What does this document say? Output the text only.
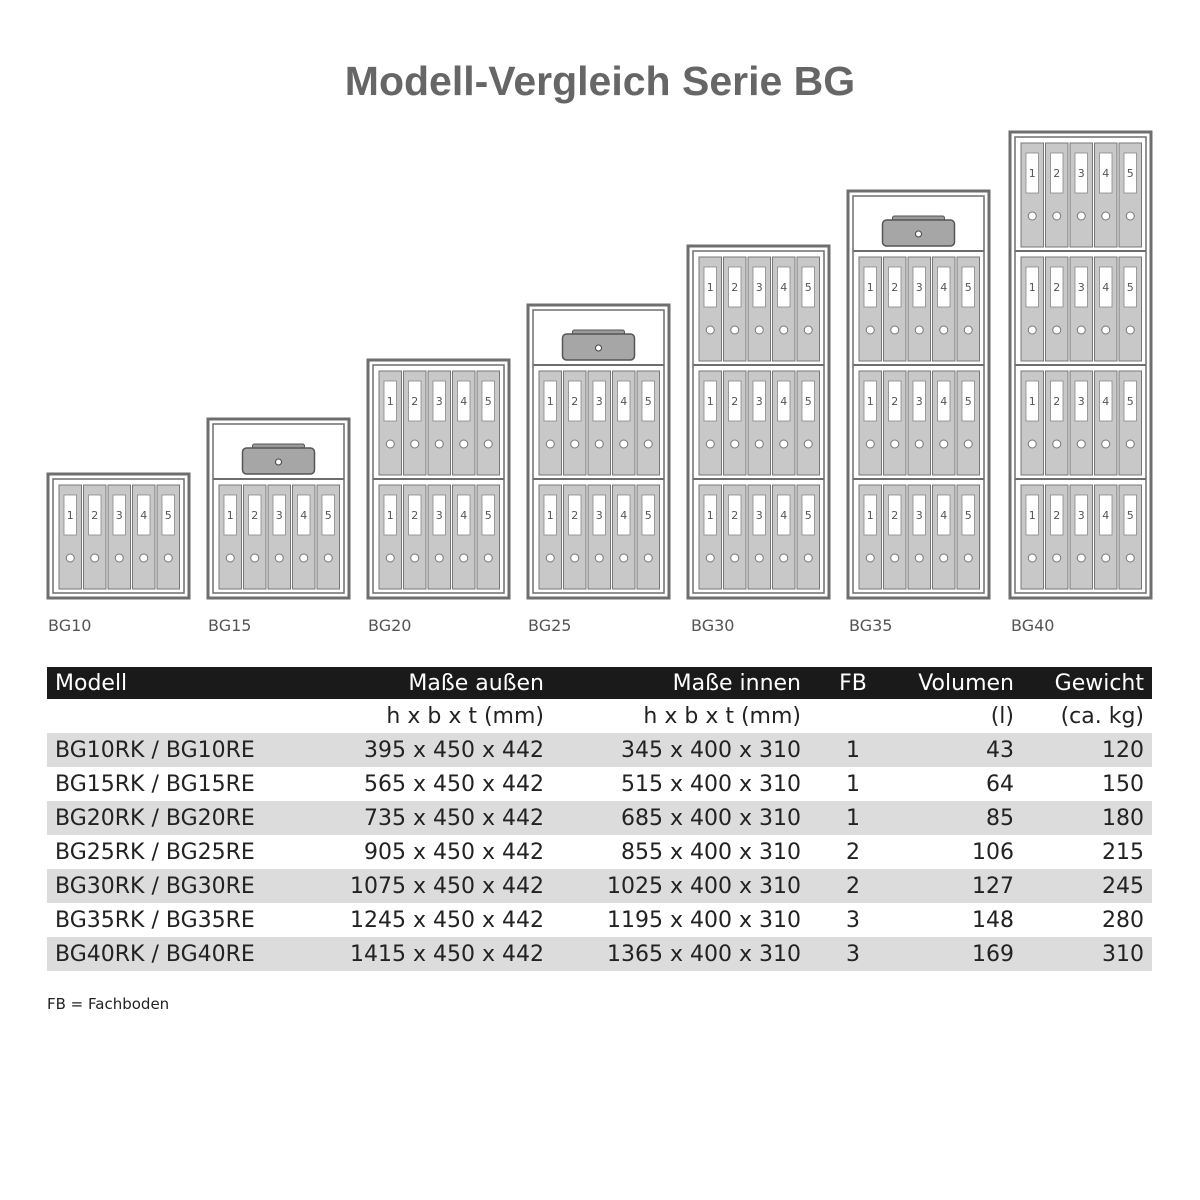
Modell-Vergleich Serie BG
1 2 3 4 5	1 2 3 4 5
1 2 3 4 5
1 2 3 4 5
1 2 3 4 5
1 2 3 4 5
1 2 3 4 5
1 2 3 4 5
1 2 3 4 5
1 2 3 4 5
1 2 3 4 5
1 2 3 4 5
1 2 3 4 5
1 2 3 4 5
1 2 3 4 5
1 2 3 4 5
BG10	BG15	BG20	BG25	BG30	BG35	BG40
Modell	Maße außen	Maße innen	FB	Volumen	Gewicht
	h x b x t (mm)	h x b x t (mm)		(l)	(ca. kg)
BG10RK / BG10RE	395 x 450 x 442	345 x 400 x 310	1	43	120
BG15RK / BG15RE	565 x 450 x 442	515 x 400 x 310	1	64	150
BG20RK / BG20RE	735 x 450 x 442	685 x 400 x 310	1	85	180
BG25RK / BG25RE	905 x 450 x 442	855 x 400 x 310	2	106	215
BG30RK / BG30RE	1075 x 450 x 442	1025 x 400 x 310	2	127	245
BG35RK / BG35RE	1245 x 450 x 442	1195 x 400 x 310	3	148	280
BG40RK / BG40RE	1415 x 450 x 442	1365 x 400 x 310	3	169	310
FB = Fachboden
